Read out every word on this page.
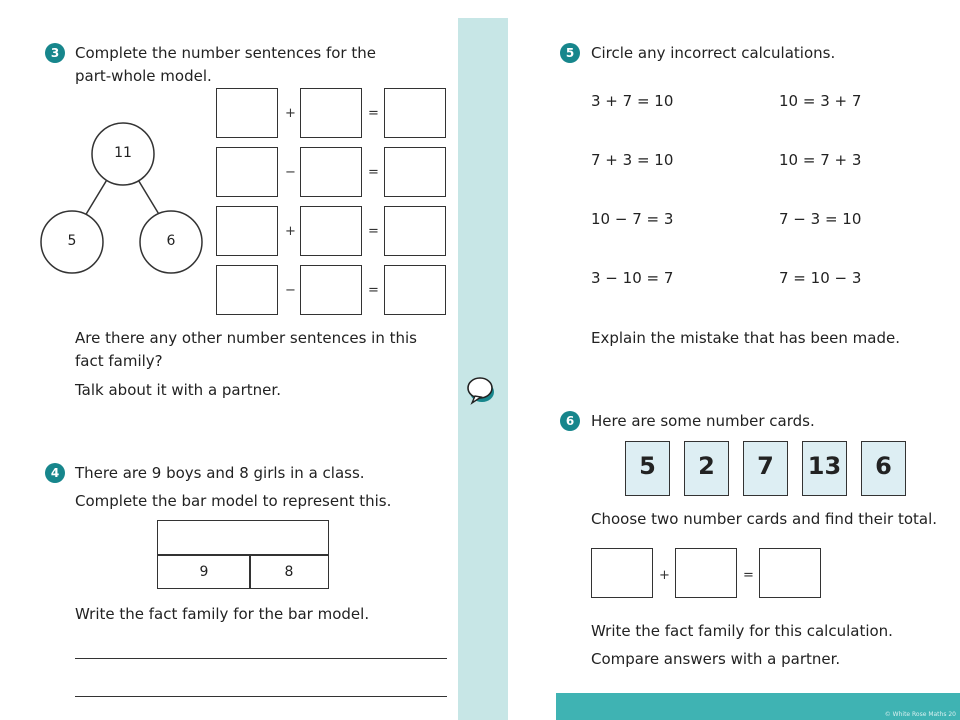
3	Complete the number sentences for the
part-whole model.
11
5	6
+	=
−	=
+	=
−	=
Are there any other number sentences in this
fact family?
Talk about it with a partner.
4	There are 9 boys and 8 girls in a class.
Complete the bar model to represent this.
9	8
Write the fact family for the bar model.
5	Circle any incorrect calculations.
3 + 7 = 10	10 = 3 + 7
7 + 3 = 10	10 = 7 + 3
10 − 7 = 3	7 − 3 = 10
3 − 10 = 7	7 = 10 − 3
Explain the mistake that has been made.
6	Here are some number cards.
5	2	7	13	6
Choose two number cards and find their total.
+	=
Write the fact family for this calculation.
Compare answers with a partner.
© White Rose Maths 20
